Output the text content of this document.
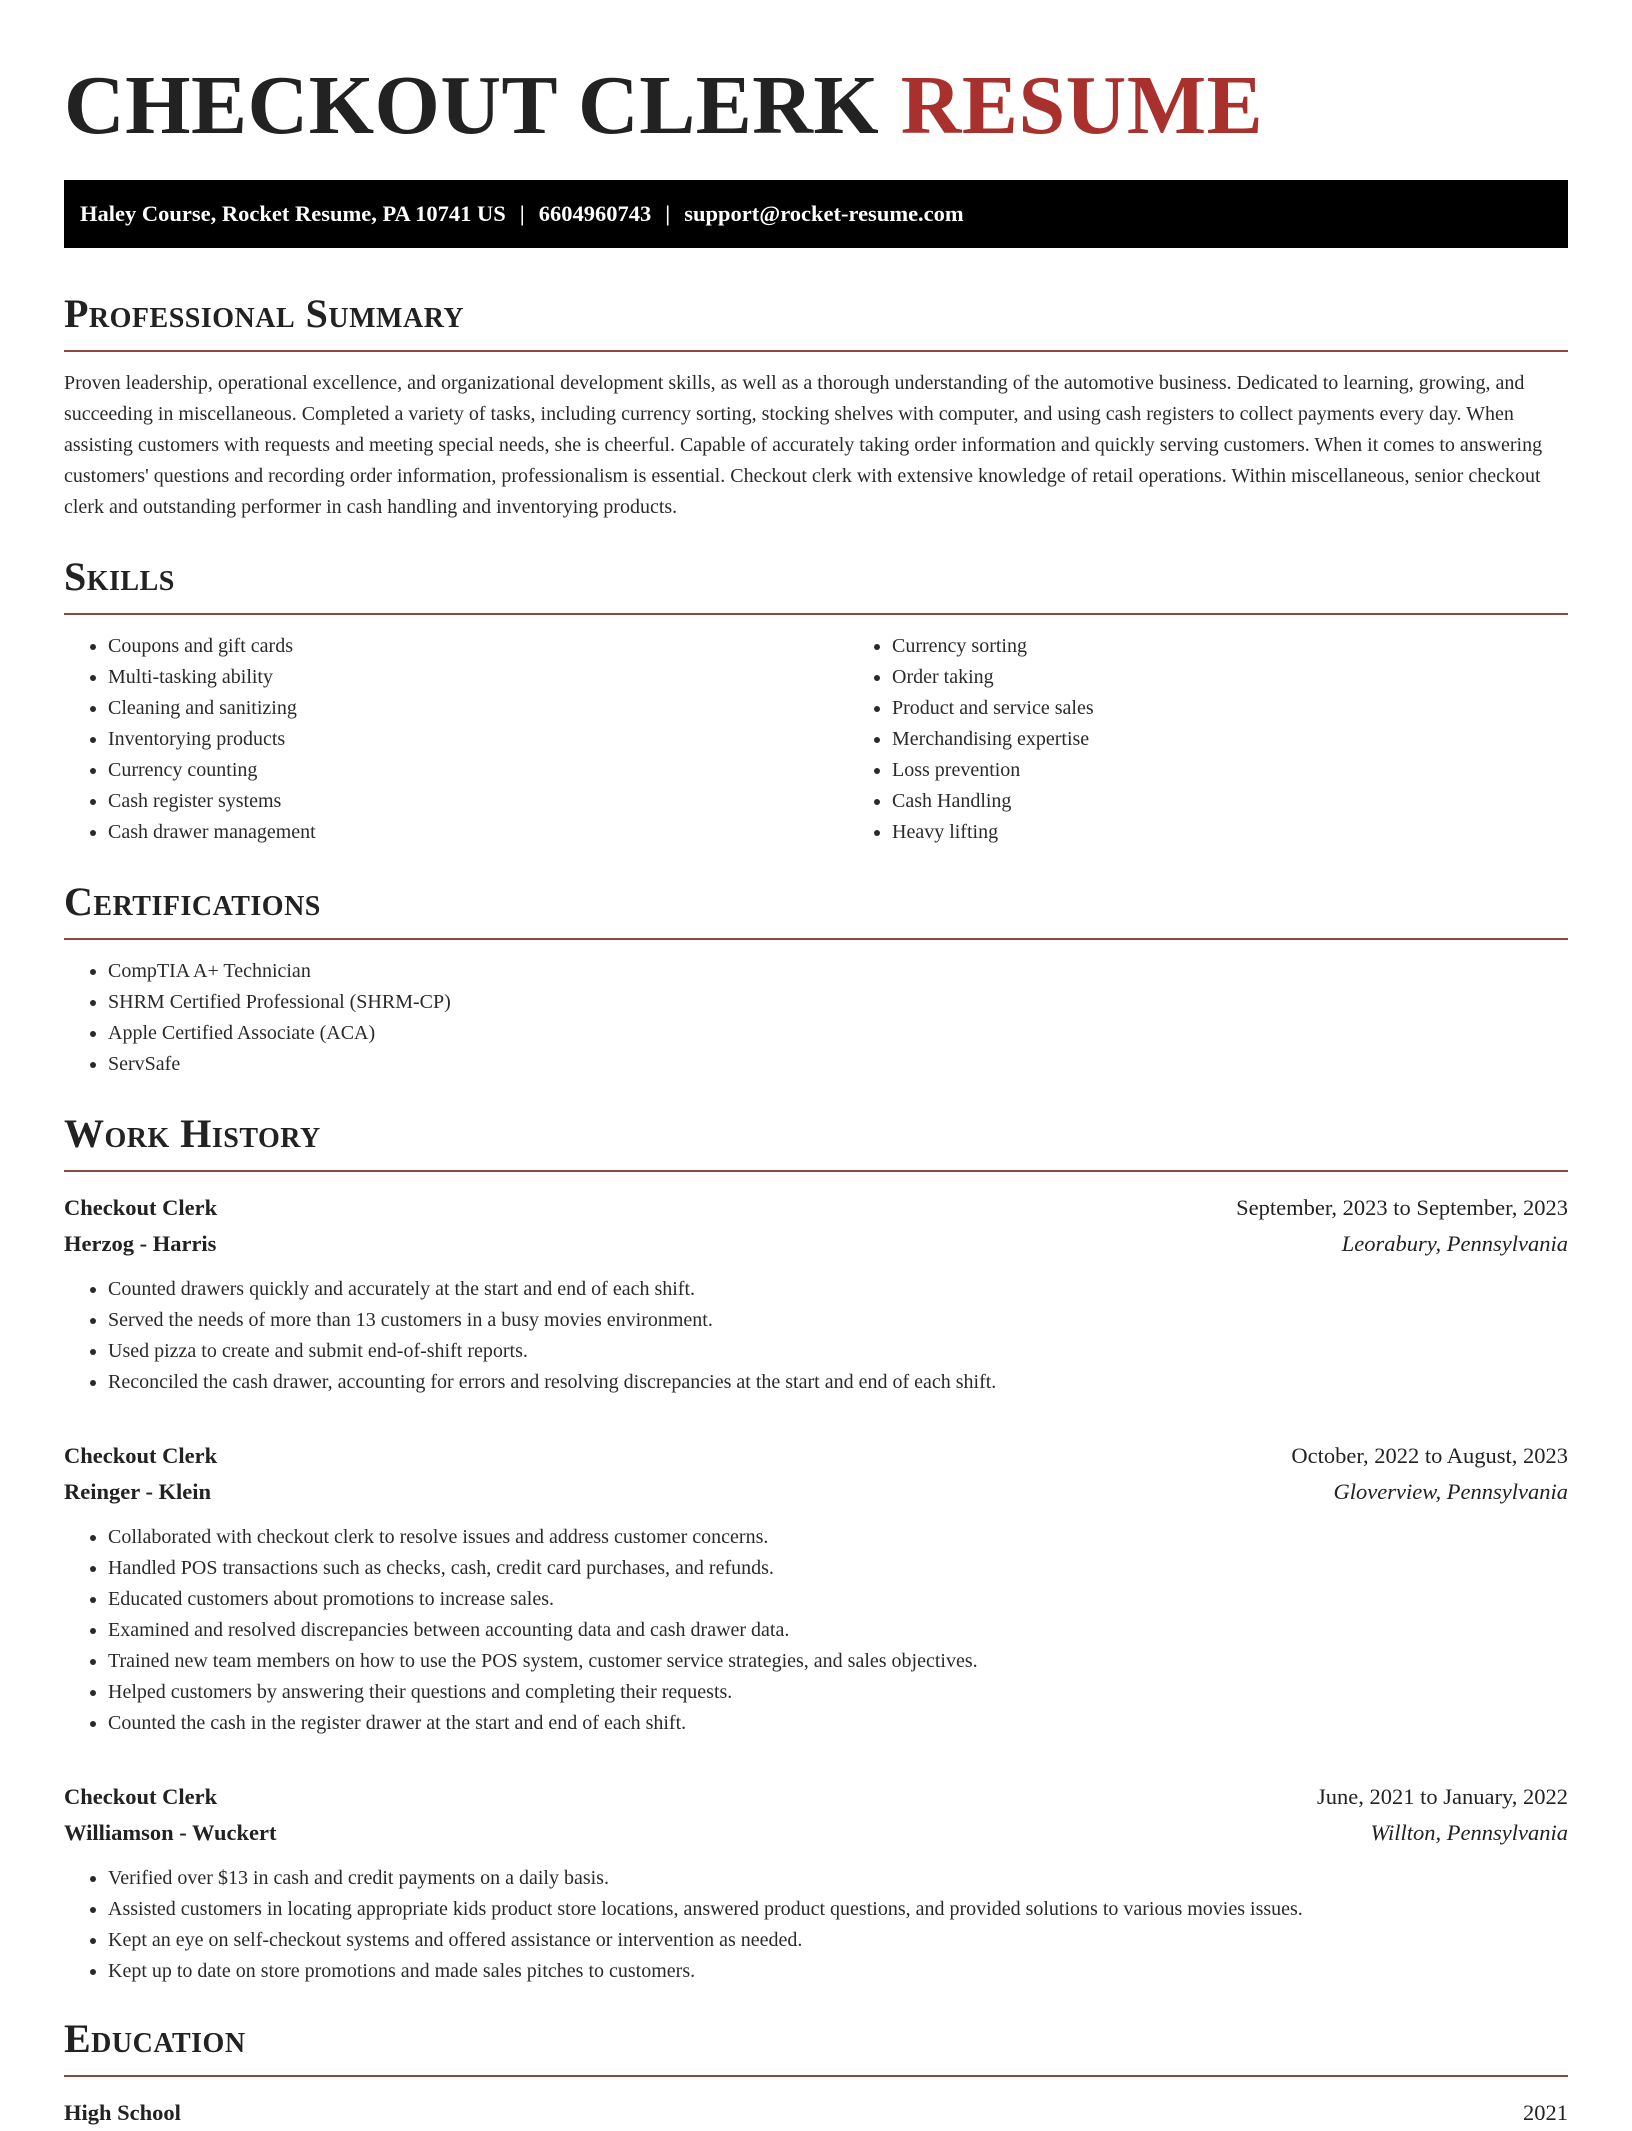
CHECKOUT CLERK RESUME
Haley Course, Rocket Resume, PA 10741 US | 6604960743 | support@rocket-resume.com
Professional Summary

Proven leadership, operational excellence, and organizational development skills, as well as a thorough understanding of the automotive business. Dedicated to learning, growing, and succeeding in miscellaneous. Completed a variety of tasks, including currency sorting, stocking shelves with computer, and using cash registers to collect payments every day. When assisting customers with requests and meeting special needs, she is cheerful. Capable of accurately taking order information and quickly serving customers. When it comes to answering customers' questions and recording order information, professionalism is essential. Checkout clerk with extensive knowledge of retail operations. Within miscellaneous, senior checkout clerk and outstanding performer in cash handling and inventorying products.

Skills
• Coupons and gift cards
• Multi-tasking ability
• Cleaning and sanitizing
• Inventorying products
• Currency counting
• Cash register systems
• Cash drawer management
• Currency sorting
• Order taking
• Product and service sales
• Merchandising expertise
• Loss prevention
• Cash Handling
• Heavy lifting
Certifications
• CompTIA A+ Technician
• SHRM Certified Professional (SHRM-CP)
• Apple Certified Associate (ACA)
• ServSafe
Work History
Checkout Clerk	September, 2023 to September, 2023
Herzog - Harris	Leorabury, Pennsylvania
• Counted drawers quickly and accurately at the start and end of each shift.
• Served the needs of more than 13 customers in a busy movies environment.
• Used pizza to create and submit end-of-shift reports.
• Reconciled the cash drawer, accounting for errors and resolving discrepancies at the start and end of each shift.
Checkout Clerk	October, 2022 to August, 2023
Reinger - Klein	Gloverview, Pennsylvania
• Collaborated with checkout clerk to resolve issues and address customer concerns.
• Handled POS transactions such as checks, cash, credit card purchases, and refunds.
• Educated customers about promotions to increase sales.
• Examined and resolved discrepancies between accounting data and cash drawer data.
• Trained new team members on how to use the POS system, customer service strategies, and sales objectives.
• Helped customers by answering their questions and completing their requests.
• Counted the cash in the register drawer at the start and end of each shift.
Checkout Clerk	June, 2021 to January, 2022
Williamson - Wuckert	Willton, Pennsylvania
• Verified over $13 in cash and credit payments on a daily basis.
• Assisted customers in locating appropriate kids product store locations, answered product questions, and provided solutions to various movies issues.
• Kept an eye on self-checkout systems and offered assistance or intervention as needed.
• Kept up to date on store promotions and made sales pitches to customers.
Education
High School	2021
